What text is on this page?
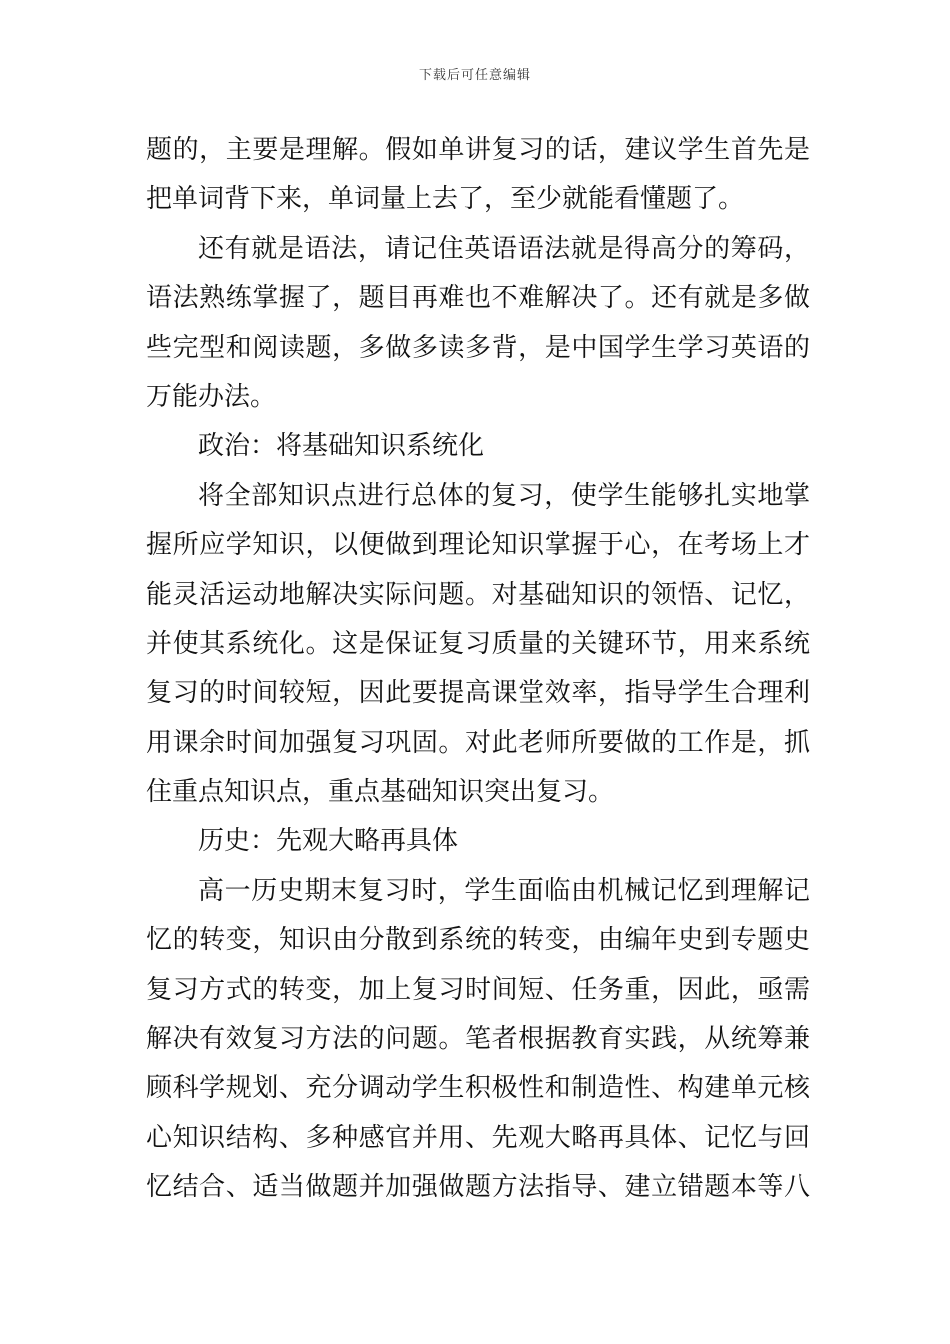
下载后可任意编辑
题的，主要是理解。假如单讲复习的话，建议学生首先是
把单词背下来，单词量上去了，至少就能看懂题了。
还有就是语法，请记住英语语法就是得高分的筹码，
语法熟练掌握了，题目再难也不难解决了。还有就是多做
些完型和阅读题，多做多读多背，是中国学生学习英语的
万能办法。
政治：将基础知识系统化
将全部知识点进行总体的复习，使学生能够扎实地掌
握所应学知识，以便做到理论知识掌握于心，在考场上才
能灵活运动地解决实际问题。对基础知识的领悟、记忆，
并使其系统化。这是保证复习质量的关键环节，用来系统
复习的时间较短，因此要提高课堂效率，指导学生合理利
用课余时间加强复习巩固。对此老师所要做的工作是，抓
住重点知识点，重点基础知识突出复习。
历史：先观大略再具体
高一历史期末复习时，学生面临由机械记忆到理解记
忆的转变，知识由分散到系统的转变，由编年史到专题史
复习方式的转变，加上复习时间短、任务重，因此，亟需
解决有效复习方法的问题。笔者根据教育实践，从统筹兼
顾科学规划、充分调动学生积极性和制造性、构建单元核
心知识结构、多种感官并用、先观大略再具体、记忆与回
忆结合、适当做题并加强做题方法指导、建立错题本等八
